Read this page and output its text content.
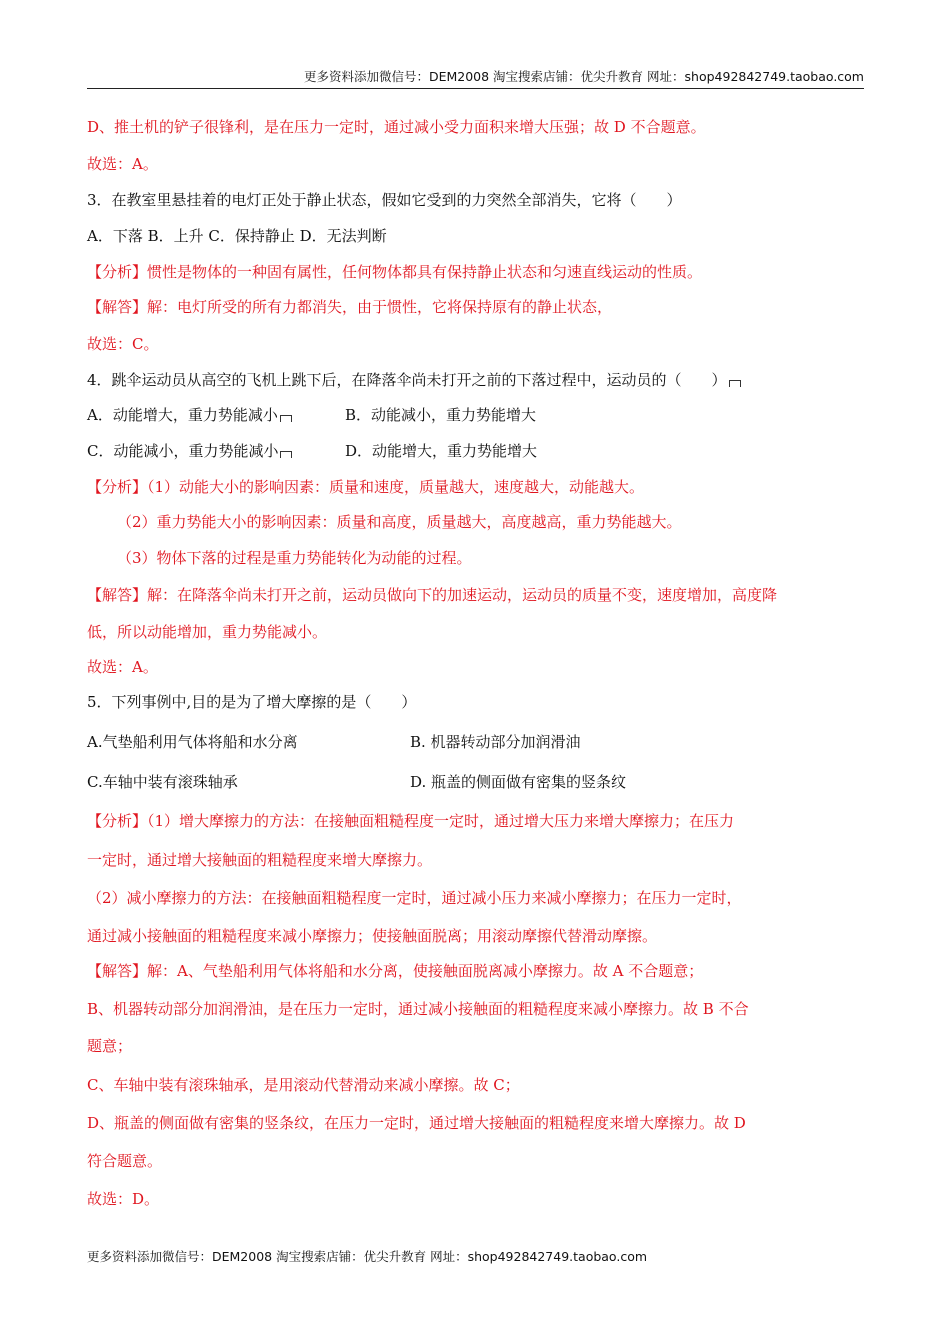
更多资料添加微信号：DEM2008 淘宝搜索店铺：优尖升教育 网址：shop492842749.taobao.com
D、推土机的铲子很锋利，是在压力一定时，通过减小受力面积来增大压强；故 D 不合题意。
故选：A。
3．在教室里悬挂着的电灯正处于静止状态，假如它受到的力突然全部消失，它将（　　）
A．下落 B．上升 C．保持静止 D．无法判断
【分析】惯性是物体的一种固有属性，任何物体都具有保持静止状态和匀速直线运动的性质。
【解答】解：电灯所受的所有力都消失，由于惯性，它将保持原有的静止状态，
故选：C。
4．跳伞运动员从高空的飞机上跳下后，在降落伞尚未打开之前的下落过程中，运动员的（　　）
A．动能增大，重力势能减小	B．动能减小，重力势能增大
C．动能减小，重力势能减小	D．动能增大，重力势能增大
【分析】（1）动能大小的影响因素：质量和速度，质量越大，速度越大，动能越大。
（2）重力势能大小的影响因素：质量和高度，质量越大，高度越高，重力势能越大。
（3）物体下落的过程是重力势能转化为动能的过程。
【解答】解：在降落伞尚未打开之前，运动员做向下的加速运动，运动员的质量不变，速度增加，高度降
低，所以动能增加，重力势能减小。
故选：A。
5．下列事例中,目的是为了增大摩擦的是（　　）
A.气垫船利用气体将船和水分离	B. 机器转动部分加润滑油
C.车轴中装有滚珠轴承	D. 瓶盖的侧面做有密集的竖条纹
【分析】（1）增大摩擦力的方法：在接触面粗糙程度一定时，通过增大压力来增大摩擦力；在压力
一定时，通过增大接触面的粗糙程度来增大摩擦力。
（2）减小摩擦力的方法：在接触面粗糙程度一定时，通过减小压力来减小摩擦力；在压力一定时，
通过减小接触面的粗糙程度来减小摩擦力；使接触面脱离；用滚动摩擦代替滑动摩擦。
【解答】解：A、气垫船利用气体将船和水分离，使接触面脱离减小摩擦力。故 A 不合题意；
B、机器转动部分加润滑油，是在压力一定时，通过减小接触面的粗糙程度来减小摩擦力。故 B 不合
题意；
C、车轴中装有滚珠轴承，是用滚动代替滑动来减小摩擦。故 C；
D、瓶盖的侧面做有密集的竖条纹，在压力一定时，通过增大接触面的粗糙程度来增大摩擦力。故 D
符合题意。
故选：D。
更多资料添加微信号：DEM2008 淘宝搜索店铺：优尖升教育 网址：shop492842749.taobao.com
